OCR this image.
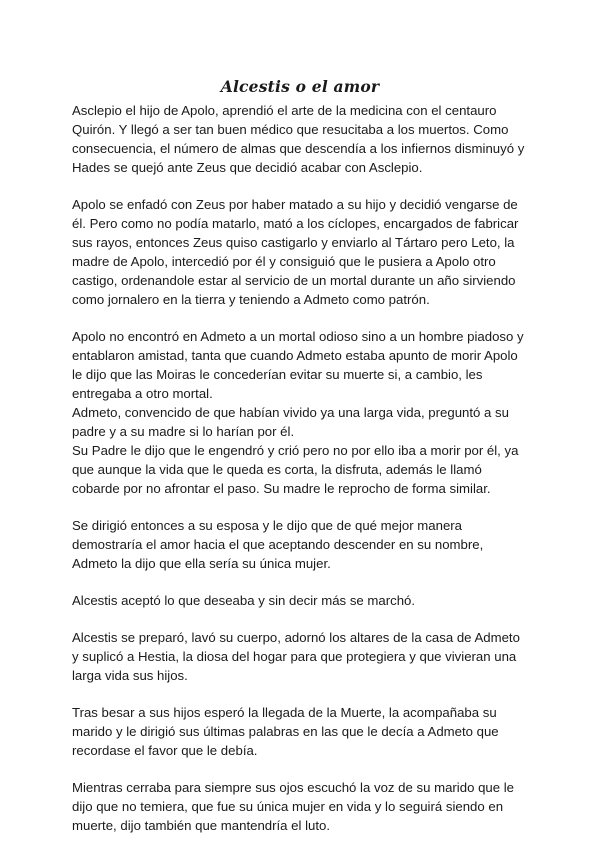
Alcestis o el amor

Asclepio el hijo de Apolo, aprendió el arte de la medicina con el centauro
Quirón. Y llegó a ser tan buen médico que resucitaba a los muertos. Como
consecuencia, el número de almas que descendía a los infiernos disminuyó y
Hades se quejó ante Zeus que decidió acabar con Asclepio.

Apolo se enfadó con Zeus por haber matado a su hijo y decidió vengarse de
él. Pero como no podía matarlo, mató a los cíclopes, encargados de fabricar
sus rayos, entonces Zeus quiso castigarlo y enviarlo al Tártaro pero Leto, la
madre de Apolo, intercedió por él y consiguió que le pusiera a Apolo otro
castigo, ordenandole estar al servicio de un mortal durante un año sirviendo
como jornalero en la tierra y teniendo a Admeto como patrón.

Apolo no encontró en Admeto a un mortal odioso sino a un hombre piadoso y
entablaron amistad, tanta que cuando Admeto estaba apunto de morir Apolo
le dijo que las Moiras le concederían evitar su muerte si, a cambio, les
entregaba a otro mortal.
Admeto, convencido de que habían vivido ya una larga vida, preguntó a su
padre y a su madre si lo harían por él.
Su Padre le dijo que le engendró y crió pero no por ello iba a morir por él, ya
que aunque la vida que le queda es corta, la disfruta, además le llamó
cobarde por no afrontar el paso. Su madre le reprocho de forma similar.

Se dirigió entonces a su esposa y le dijo que de qué mejor manera
demostraría el amor hacia el que aceptando descender en su nombre,
Admeto la dijo que ella sería su única mujer.

Alcestis aceptó lo que deseaba y sin decir más se marchó.

Alcestis se preparó, lavó su cuerpo, adornó los altares de la casa de Admeto
y suplicó a Hestia, la diosa del hogar para que protegiera y que vivieran una
larga vida sus hijos.

Tras besar a sus hijos esperó la llegada de la Muerte, la acompañaba su
marido y le dirigió sus últimas palabras en las que le decía a Admeto que
recordase el favor que le debía.

Mientras cerraba para siempre sus ojos escuchó la voz de su marido que le
dijo que no temiera, que fue su única mujer en vida y lo seguirá siendo en
muerte, dijo también que mantendría el luto.
